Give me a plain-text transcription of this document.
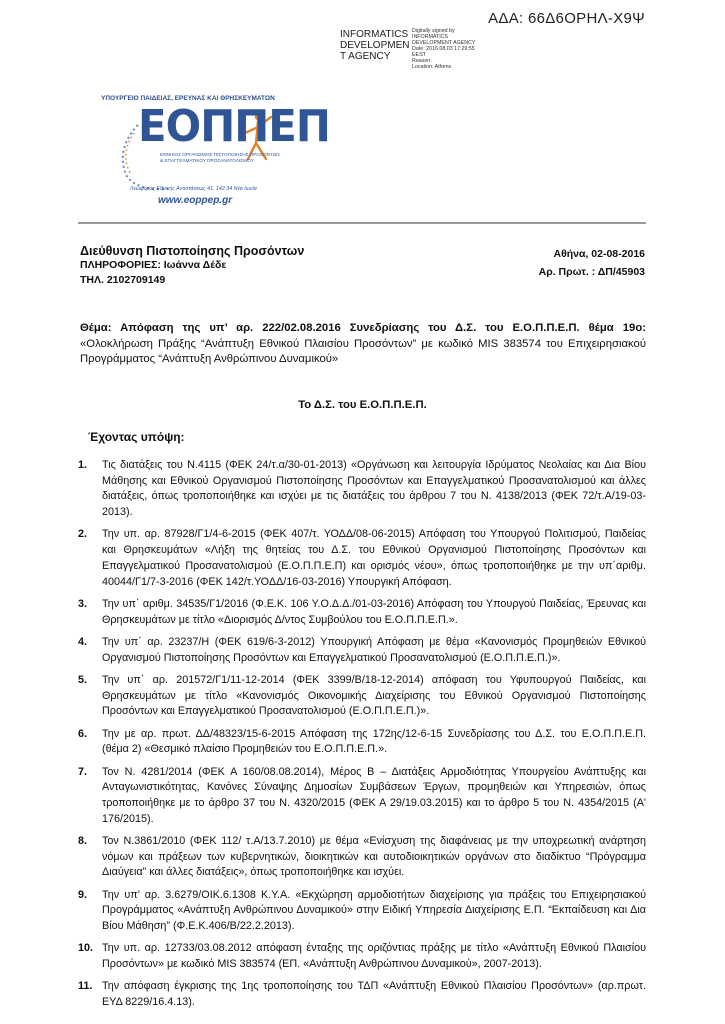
ΑΔΑ: 66Δ6ΟΡΗΛ-Χ9Ψ
INFORMATICS
DEVELOPMEN
T AGENCY
Digitally signed by
INFORMATICS
DEVELOPMENT AGENCY
Date: 2016.08.03 17:29:55
EEST
Reason:
Location: Athens
ΥΠΟΥΡΓΕΙΟ ΠΑΙΔΕΙΑΣ, ΕΡΕΥΝΑΣ ΚΑΙ ΘΡΗΣΚΕΥΜΑΤΩΝ
ΕΟΠΠΕΠ
ΕΘΝΙΚΟΣ ΟΡΓΑΝΙΣΜΟΣ ΠΙΣΤΟΠΟΙΗΣΗΣ ΠΡΟΣΟΝΤΩΝ
& ΕΠΑΓΓΕΛΜΑΤΙΚΟΥ ΠΡΟΣΑΝΑΤΟΛΙΣΜΟΥ
Λεωφόρος Εθνικής Αντιστάσεως 41, 142 34 Νέα Ιωνία
www.eoppep.gr
Διεύθυνση Πιστοποίησης Προσόντων
ΠΛΗΡΟΦΟΡΙΕΣ: Ιωάννα Δέδε
ΤΗΛ. 2102709149
Αθήνα, 02-08-2016
Αρ. Πρωτ. : ΔΠ/45903
Θέμα: Απόφαση της υπ’ αρ. 222/02.08.2016 Συνεδρίασης του Δ.Σ. του Ε.Ο.Π.Π.Ε.Π. θέμα 19ο: «Ολοκλήρωση Πράξης “Ανάπτυξη Εθνικού Πλαισίου Προσόντων” με κωδικό MIS 383574 του Επιχειρησιακού Προγράμματος “Ανάπτυξη Ανθρώπινου Δυναμικού»
Το Δ.Σ. του Ε.Ο.Π.Π.Ε.Π.
Έχοντας υπόψη:
1.	Τις διατάξεις του Ν.4115 (ΦΕΚ 24/τ.α/30-01-2013) «Οργάνωση και λειτουργία Ιδρύματος Νεολαίας και Δια Βίου Μάθησης και Εθνικού Οργανισμού Πιστοποίησης Προσόντων και Επαγγελματικού Προσανατολισμού και άλλες διατάξεις, όπως τροποποιήθηκε και ισχύει με τις διατάξεις του άρθρου 7 του Ν. 4138/2013 (ΦΕΚ 72/τ.Α/19-03-2013).
2.	Την υπ. αρ. 87928/Γ1/4-6-2015 (ΦΕΚ 407/τ. ΥΟΔΔ/08-06-2015) Απόφαση του Υπουργού Πολιτισμού, Παιδείας και Θρησκευμάτων «Λήξη της θητείας του Δ.Σ. του Εθνικού Οργανισμού Πιστοποίησης Προσόντων και Επαγγελματικού Προσανατολισμού (Ε.Ο.Π.Π.Ε.Π) και ορισμός νέου», όπως τροποποιήθηκε με την υπ΄αριθμ. 40044/Γ1/7-3-2016 (ΦΕΚ 142/τ.ΥΟΔΔ/16-03-2016) Υπουργική Απόφαση.
3.	Την υπ΄ αριθμ. 34535/Γ1/2016 (Φ.Ε.Κ. 106 Υ.Ο.Δ.Δ./01-03-2016) Απόφαση του Υπουργού Παιδείας, Έρευνας και Θρησκευμάτων με τίτλο «Διορισμός Δ/ντος Συμβούλου του Ε.Ο.Π.Π.Ε.Π.».
4.	Την υπ΄ αρ. 23237/Η (ΦΕΚ 619/6-3-2012) Υπουργική Απόφαση με θέμα «Κανονισμός Προμηθειών Εθνικού Οργανισμού Πιστοποίησης Προσόντων και Επαγγελματικού Προσανατολισμού (Ε.Ο.Π.Π.Ε.Π.)».
5.	Την υπ΄ αρ. 201572/Γ1/11-12-2014 (ΦΕΚ 3399/Β/18-12-2014) απόφαση του Υφυπουργού Παιδείας, και Θρησκευμάτων με τίτλο «Κανονισμός Οικονομικής Διαχείρισης του Εθνικού Οργανισμού Πιστοποίησης Προσόντων και Επαγγελματικού Προσανατολισμού (Ε.Ο.Π.Π.Ε.Π.)».
6.	Την με αρ. πρωτ. ΔΔ/48323/15-6-2015 Απόφαση της 172ης/12-6-15 Συνεδρίασης του Δ.Σ. του Ε.Ο.Π.Π.Ε.Π. (θέμα 2) «Θεσμικό πλαίσιο Προμηθειών του Ε.Ο.Π.Π.Ε.Π.».
7.	Τον Ν. 4281/2014 (ΦΕΚ Α 160/08.08.2014), Μέρος Β – Διατάξεις Αρμοδιότητας Υπουργείου Ανάπτυξης και Ανταγωνιστικότητας, Κανόνες Σύναψης Δημοσίων Συμβάσεων Έργων, προμηθειών και Υπηρεσιών, όπως τροποποιήθηκε με το άρθρο 37 του Ν. 4320/2015 (ΦΕΚ Α 29/19.03.2015) και το άρθρο 5 του Ν. 4354/2015 (Α' 176/2015).
8.	Τον Ν.3861/2010 (ΦΕΚ 112/ τ.Α/13.7.2010) με θέμα «Ενίσχυση της διαφάνειας με την υποχρεωτική ανάρτηση νόμων και πράξεων των κυβερνητικών, διοικητικών και αυτοδιοικητικών οργάνων στο διαδίκτυο “Πρόγραμμα Διαύγεια” και άλλες διατάξεις», όπως τροποποιήθηκε και ισχύει.
9.	Την υπ’ αρ. 3.6279/ΟΙΚ.6.1308 Κ.Υ.Α. «Εκχώρηση αρμοδιοτήτων διαχείρισης για πράξεις του Επιχειρησιακού Προγράμματος «Ανάπτυξη Ανθρώπινου Δυναμικού» στην Ειδική Υπηρεσία Διαχείρισης Ε.Π. “Εκπαίδευση και Δια Βίου Μάθηση” (Φ.Ε.Κ.406/Β/22.2.2013).
10. Την υπ. αρ. 12733/03.08.2012 απόφαση ένταξης της οριζόντιας πράξης με τίτλο «Ανάπτυξη Εθνικού Πλαισίου Προσόντων» με κωδικό MIS 383574 (ΕΠ. «Ανάπτυξη Ανθρώπινου Δυναμικού», 2007-2013).
11. Την απόφαση έγκρισης της 1ης τροποποίησης του ΤΔΠ «Ανάπτυξη Εθνικού Πλαισίου Προσόντων» (αρ.πρωτ. ΕΥΔ 8229/16.4.13).
